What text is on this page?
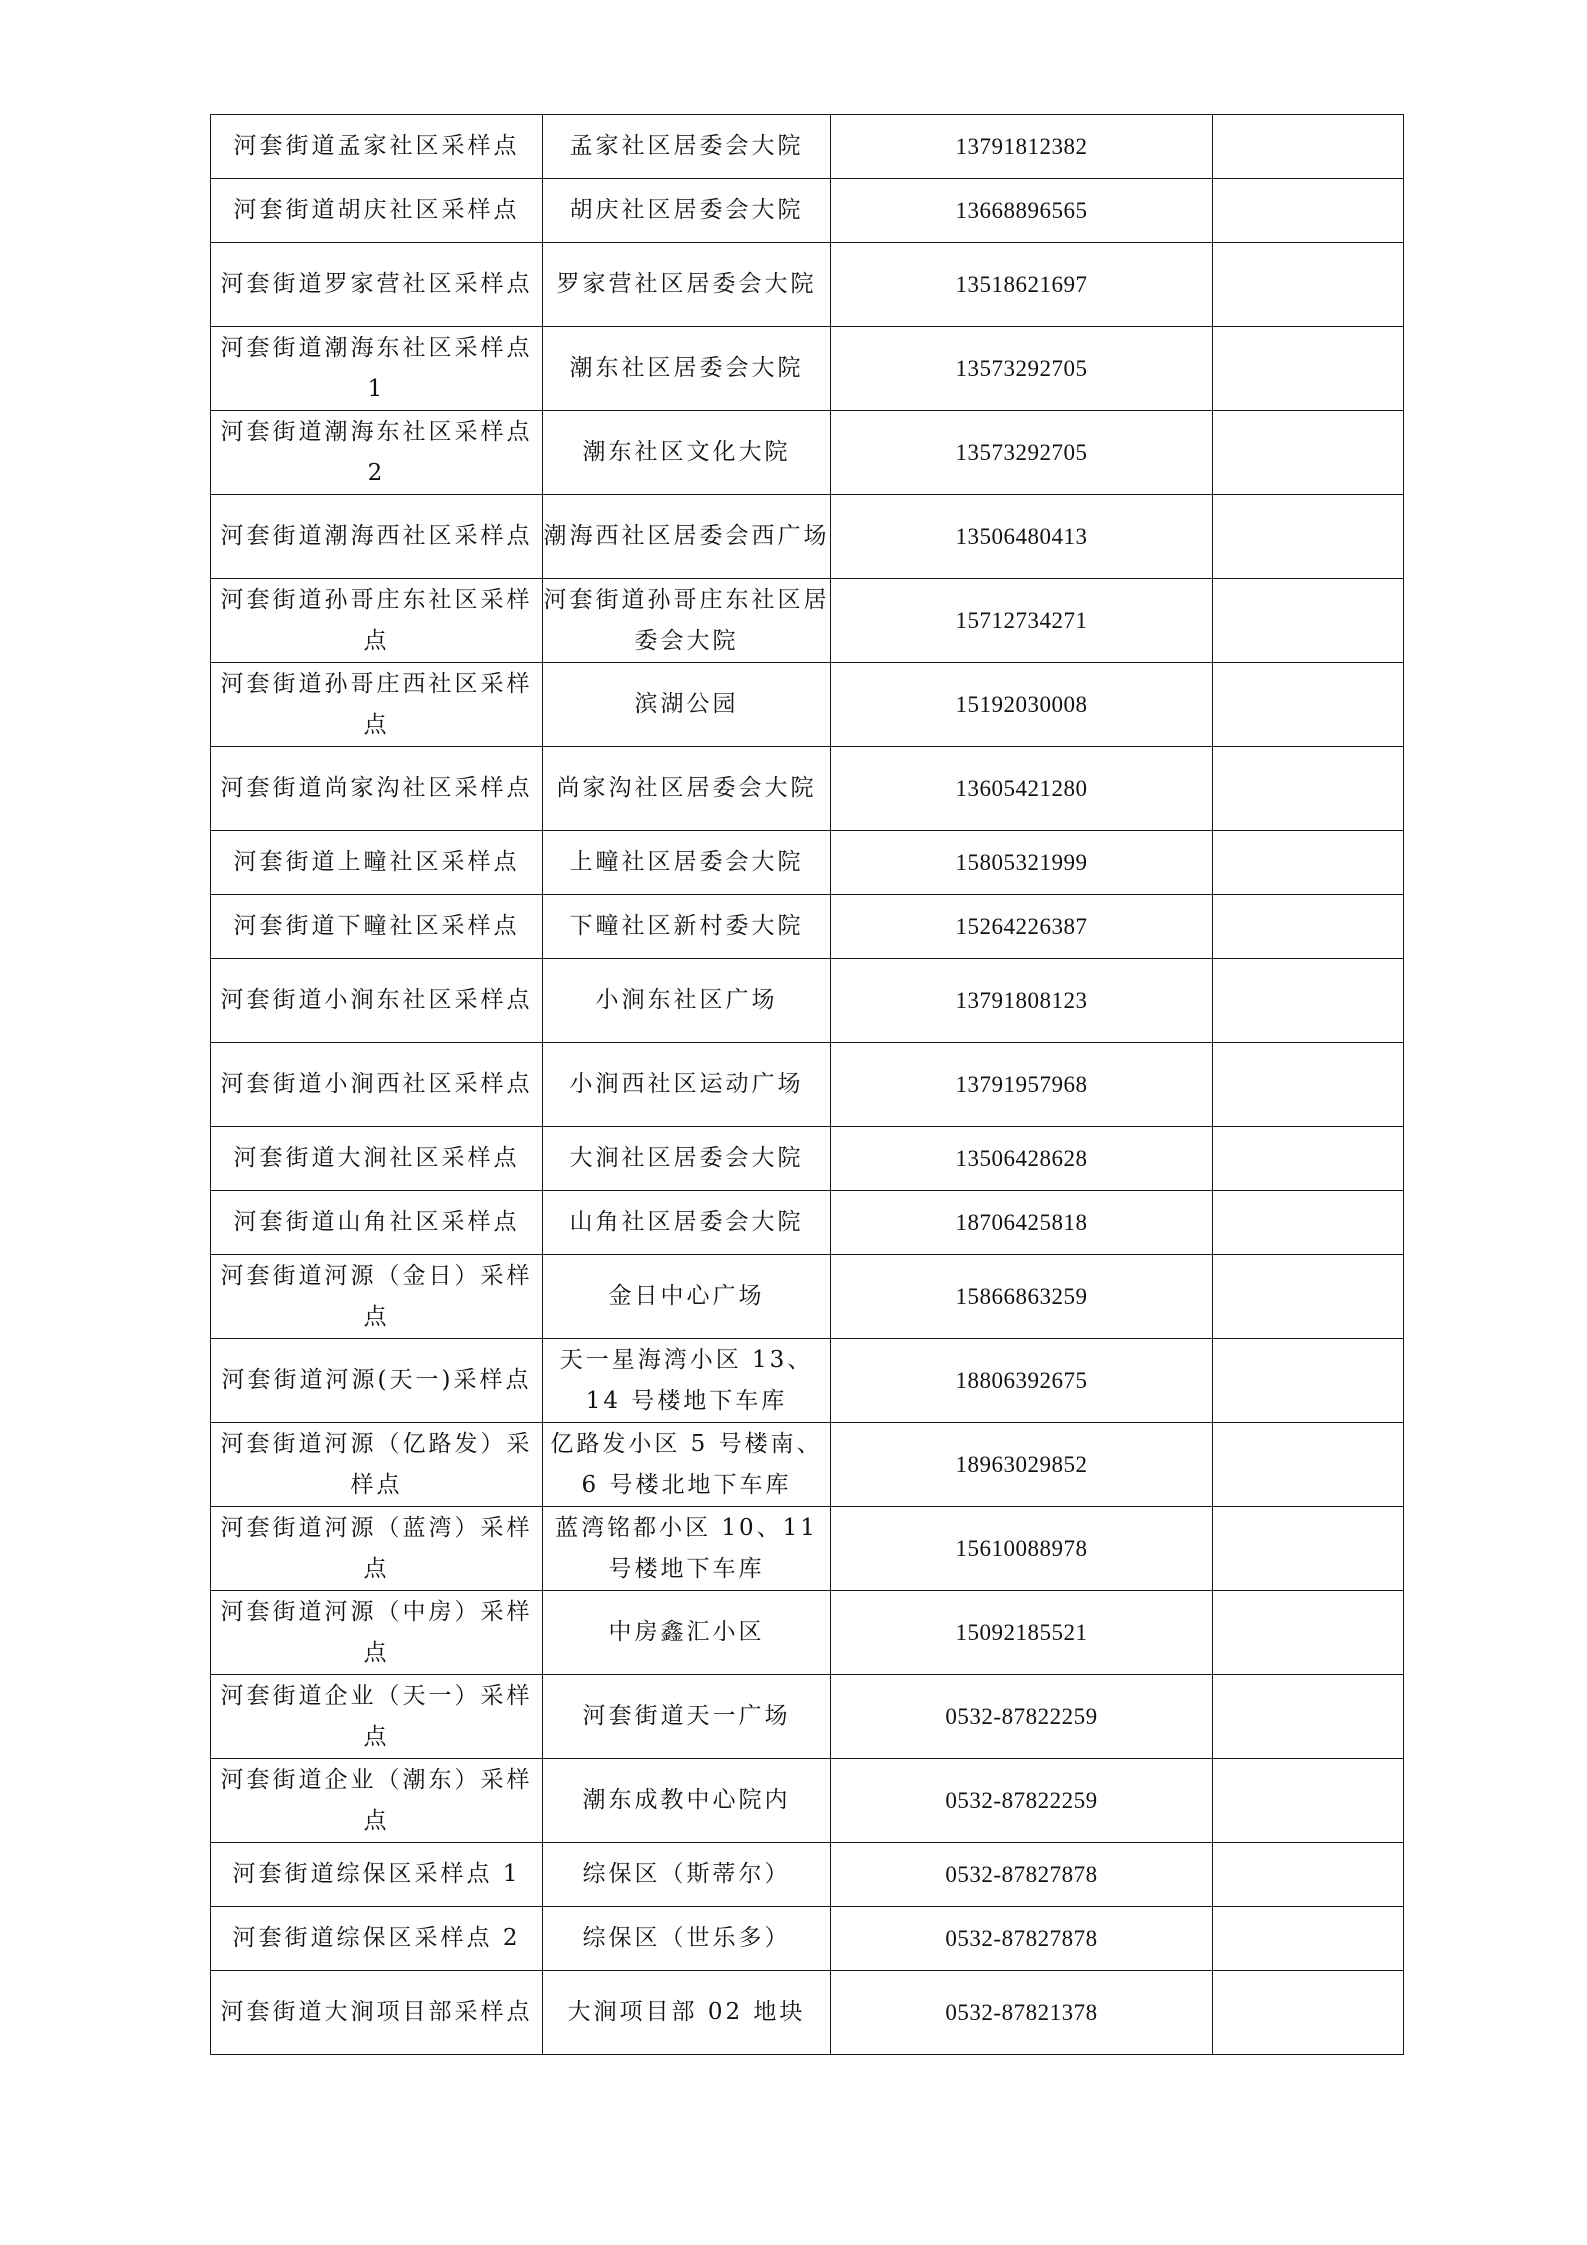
河套街道孟家社区采样点	孟家社区居委会大院	13791812382	
河套街道胡庆社区采样点	胡庆社区居委会大院	13668896565	
河套街道罗家营社区采样点	罗家营社区居委会大院	13518621697	
河套街道潮海东社区采样点 1	潮东社区居委会大院	13573292705	
河套街道潮海东社区采样点 2	潮东社区文化大院	13573292705	
河套街道潮海西社区采样点	潮海西社区居委会西广场	13506480413	
河套街道孙哥庄东社区采样点	河套街道孙哥庄东社区居委会大院	15712734271	
河套街道孙哥庄西社区采样点	滨湖公园	15192030008	
河套街道尚家沟社区采样点	尚家沟社区居委会大院	13605421280	
河套街道上疃社区采样点	上疃社区居委会大院	15805321999	
河套街道下疃社区采样点	下疃社区新村委大院	15264226387	
河套街道小涧东社区采样点	小涧东社区广场	13791808123	
河套街道小涧西社区采样点	小涧西社区运动广场	13791957968	
河套街道大涧社区采样点	大涧社区居委会大院	13506428628	
河套街道山角社区采样点	山角社区居委会大院	18706425818	
河套街道河源（金日）采样点	金日中心广场	15866863259	
河套街道河源(天一)采样点	天一星海湾小区 13、14 号楼地下车库	18806392675	
河套街道河源（亿路发）采样点	亿路发小区 5 号楼南、6 号楼北地下车库	18963029852	
河套街道河源（蓝湾）采样点	蓝湾铭都小区 10、11 号楼地下车库	15610088978	
河套街道河源（中房）采样点	中房鑫汇小区	15092185521	
河套街道企业（天一）采样点	河套街道天一广场	0532-87822259	
河套街道企业（潮东）采样点	潮东成教中心院内	0532-87822259	
河套街道综保区采样点 1	综保区（斯蒂尔）	0532-87827878	
河套街道综保区采样点 2	综保区（世乐多）	0532-87827878	
河套街道大涧项目部采样点	大涧项目部 02 地块	0532-87821378	
